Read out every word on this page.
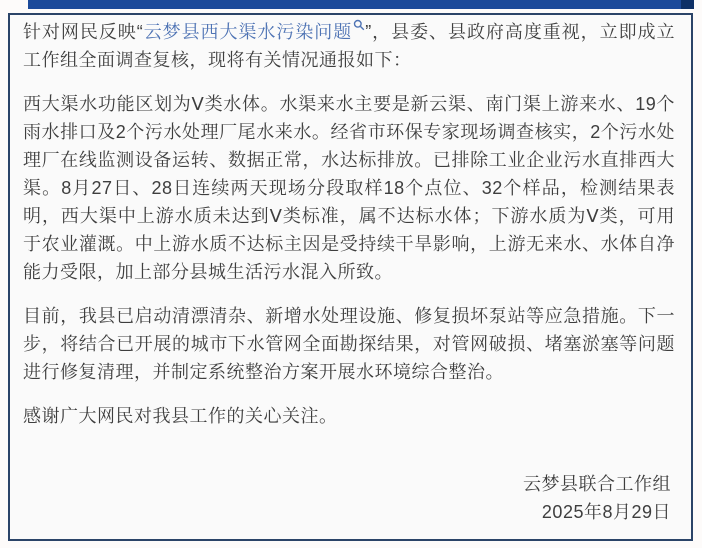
针对网民反映“云梦县西大渠水污染问题 ”，县委、县政府高度重视，立即成立工作组全面调查复核，现将有关情况通报如下：

西大渠水功能区划为Ⅴ类水体。水渠来水主要是新云渠、南门渠上游来水、19个雨水排口及2个污水处理厂尾水来水。经省市环保专家现场调查核实，2个污水处理厂在线监测设备运转、数据正常，水达标排放。已排除工业企业污水直排西大渠。8月27日、28日连续两天现场分段取样18个点位、32个样品，检测结果表明，西大渠中上游水质未达到Ⅴ类标准，属不达标水体；下游水质为Ⅴ类，可用于农业灌溉。中上游水质不达标主因是受持续干旱影响，上游无来水、水体自净能力受限，加上部分县城生活污水混入所致。

目前，我县已启动清漂清杂、新增水处理设施、修复损坏泵站等应急措施。下一步，将结合已开展的城市下水管网全面勘探结果，对管网破损、堵塞淤塞等问题进行修复清理，并制定系统整治方案开展水环境综合整治。

感谢广大网民对我县工作的关心关注。

云梦县联合工作组
2025年8月29日
